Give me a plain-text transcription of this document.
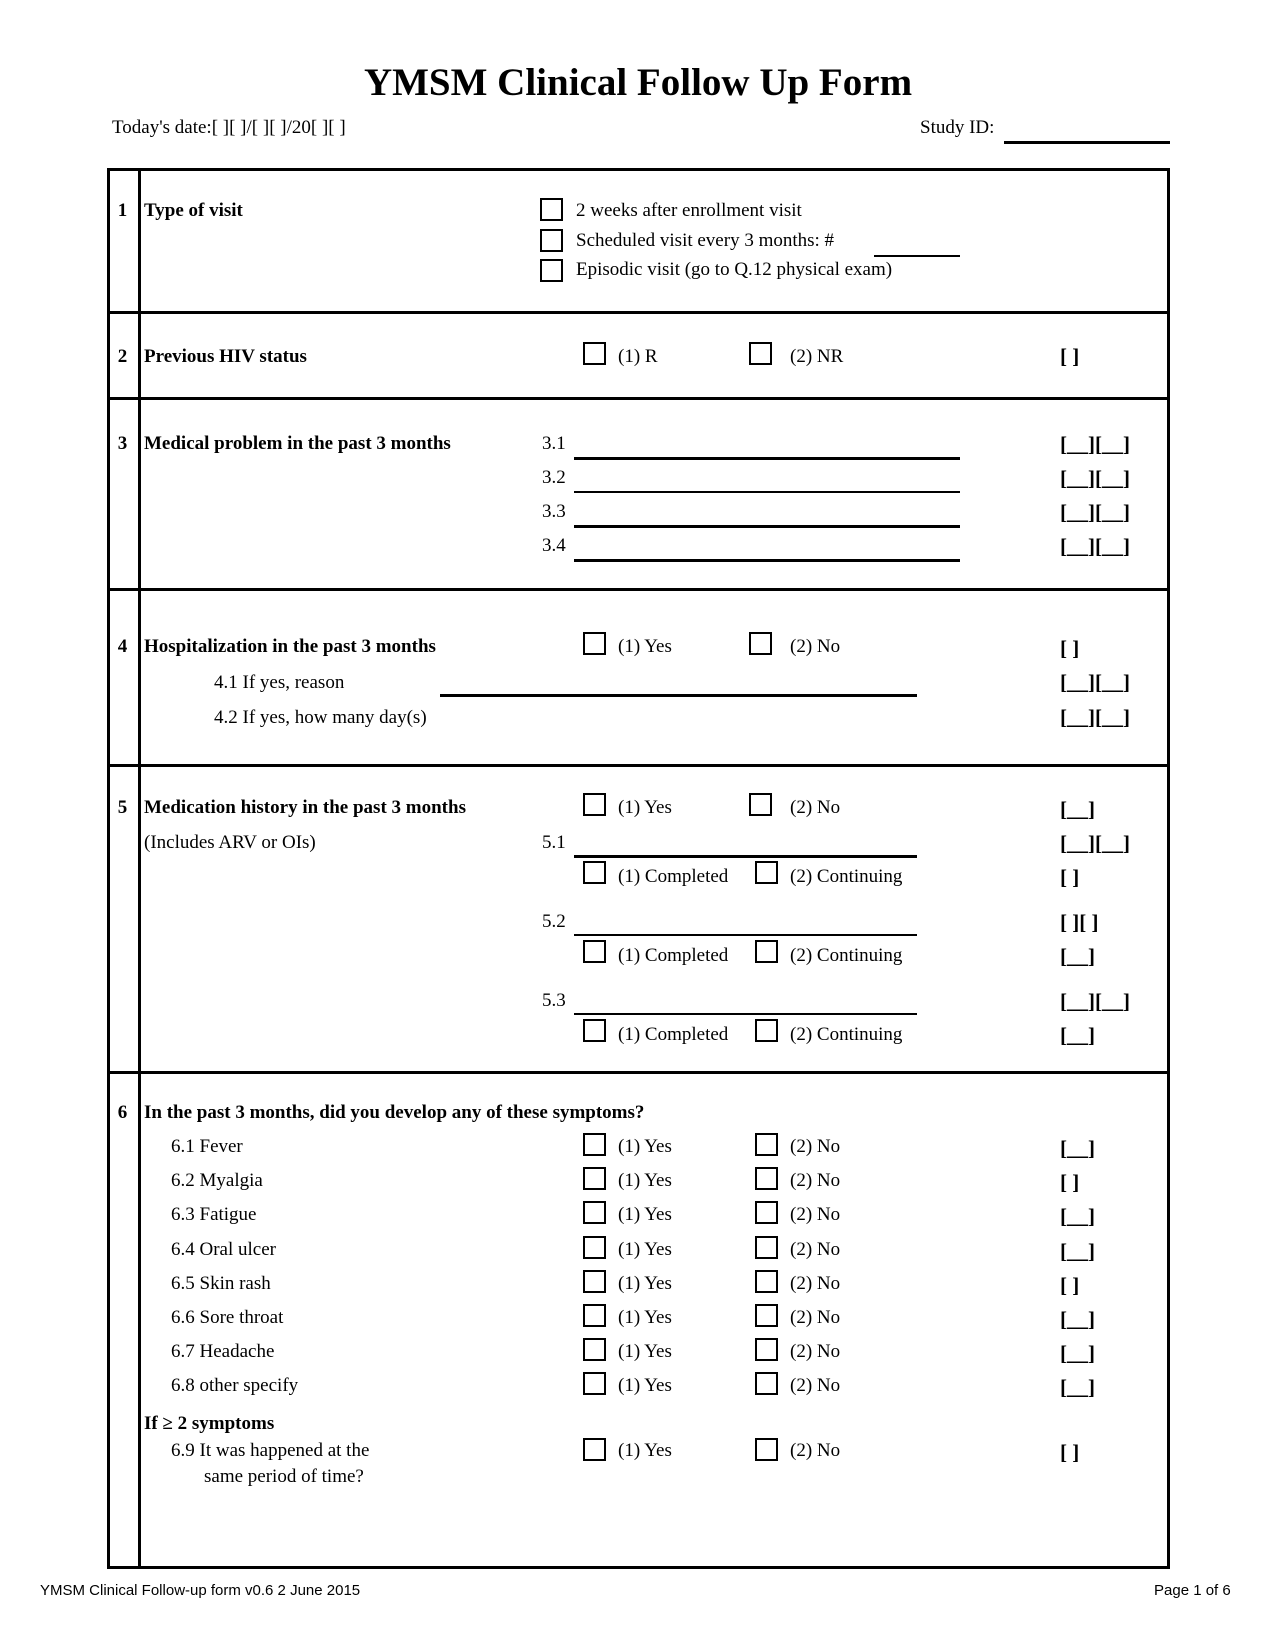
YMSM Clinical Follow Up Form
Today's date:[ ][ ]/[ ][ ]/20[ ][ ]	Study ID:
1 Type of visit	2 weeks after enrollment visit
Scheduled visit every 3 months: #
Episodic visit (go to Q.12 physical exam)
2 Previous HIV status	(1) R	(2) NR	[ ]
3 Medical problem in the past 3 months	3.1	[__][__]
3.2	[__][__]
3.3	[__][__]
3.4	[__][__]
4 Hospitalization in the past 3 months	(1) Yes	(2) No	[ ]
4.1 If yes, reason	[__][__]
4.2 If yes, how many day(s)	[__][__]
5 Medication history in the past 3 months
(Includes ARV or OIs)
(1) Yes	(2) No	[__]
5.1	[__][__]
(1) Completed	(2) Continuing	[ ]
5.2	[ ][ ]
(1) Completed	(2) Continuing	[__]
5.3	[__][__]
(1) Completed	(2) Continuing	[__]
6 In the past 3 months, did you develop any of these symptoms?
6.1 Fever	(1) Yes	(2) No	[__]
6.2 Myalgia	(1) Yes	(2) No	[ ]
6.3 Fatigue	(1) Yes	(2) No	[__]
6.4 Oral ulcer	(1) Yes	(2) No	[__]
6.5 Skin rash	(1) Yes	(2) No	[ ]
6.6 Sore throat	(1) Yes	(2) No	[__]
6.7 Headache	(1) Yes	(2) No	[__]
6.8 other specify	(1) Yes	(2) No	[__]
If ≥ 2 symptoms
6.9 It was happened at the
same period of time?
(1) Yes	(2) No	[ ]
YMSM Clinical Follow-up form v0.6 2 June 2015	Page 1 of 6
